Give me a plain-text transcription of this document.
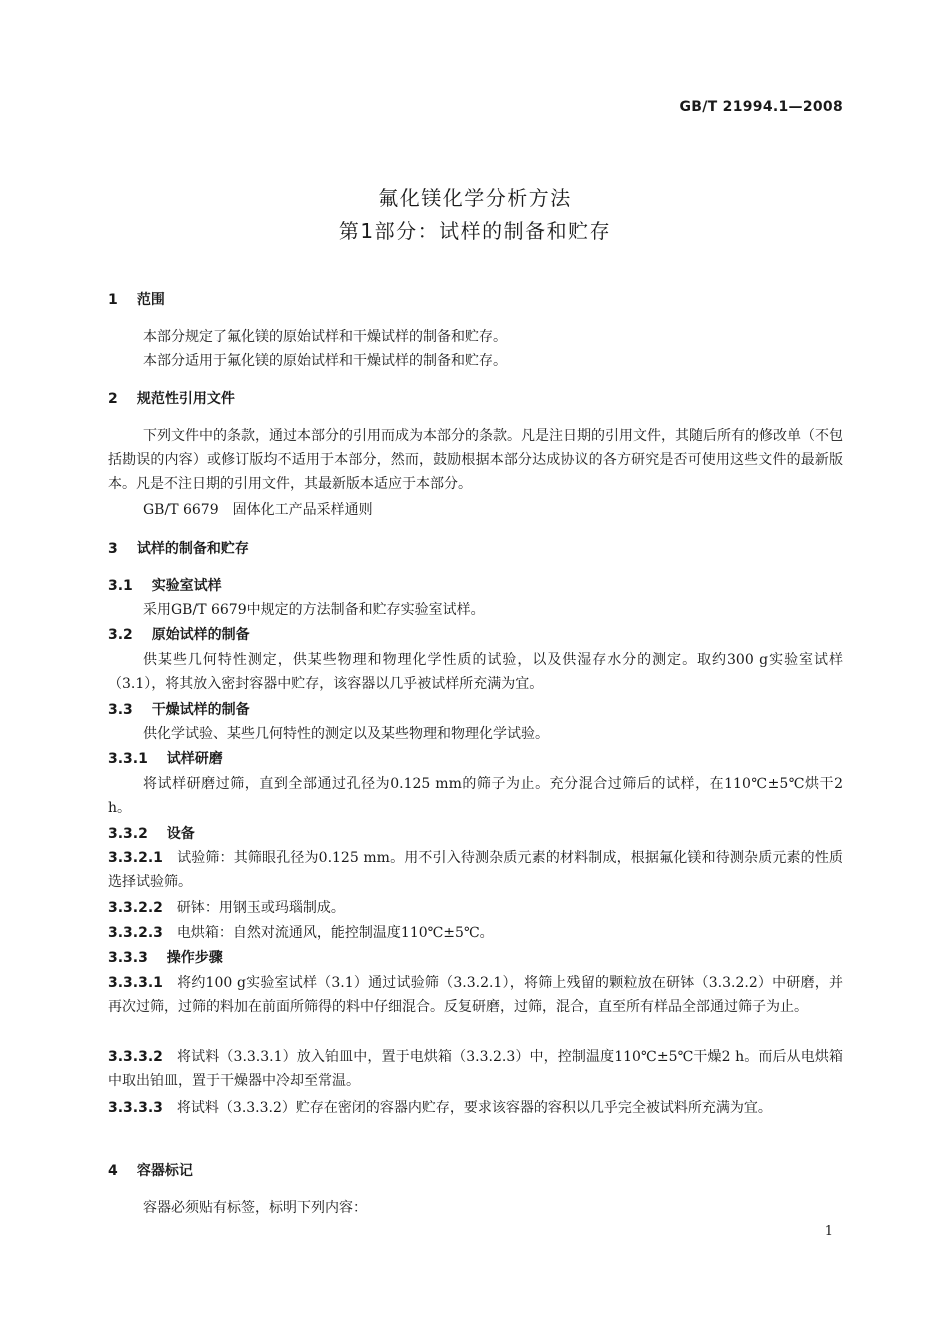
GB/T 21994.1—2008
氟化镁化学分析方法
第1部分：试样的制备和贮存
1 范围
本部分规定了氟化镁的原始试样和干燥试样的制备和贮存。
本部分适用于氟化镁的原始试样和干燥试样的制备和贮存。
2 规范性引用文件
下列文件中的条款，通过本部分的引用而成为本部分的条款。凡是注日期的引用文件，其随后所有的修改单（不包括勘误的内容）或修订版均不适用于本部分，然而，鼓励根据本部分达成协议的各方研究是否可使用这些文件的最新版本。凡是不注日期的引用文件，其最新版本适应于本部分。
GB/T 6679　固体化工产品采样通则
3 试样的制备和贮存
3.1 实验室试样
采用GB/T 6679中规定的方法制备和贮存实验室试样。
3.2 原始试样的制备
供某些几何特性测定，供某些物理和物理化学性质的试验，以及供湿存水分的测定。取约300 g实验室试样（3.1），将其放入密封容器中贮存，该容器以几乎被试样所充满为宜。
3.3 干燥试样的制备
供化学试验、某些几何特性的测定以及某些物理和物理化学试验。
3.3.1 试样研磨
将试样研磨过筛，直到全部通过孔径为0.125 mm的筛子为止。充分混合过筛后的试样，在110℃±5℃烘干2 h。
3.3.2 设备
3.3.2.1 试验筛：其筛眼孔径为0.125 mm。用不引入待测杂质元素的材料制成，根据氟化镁和待测杂质元素的性质选择试验筛。
3.3.2.2 研钵：用钢玉或玛瑙制成。
3.3.2.3 电烘箱：自然对流通风，能控制温度110℃±5℃。
3.3.3 操作步骤
3.3.3.1 将约100 g实验室试样（3.1）通过试验筛（3.3.2.1），将筛上残留的颗粒放在研钵（3.3.2.2）中研磨，并再次过筛，过筛的料加在前面所筛得的料中仔细混合。反复研磨，过筛，混合，直至所有样品全部通过筛子为止。
3.3.3.2 将试料（3.3.3.1）放入铂皿中，置于电烘箱（3.3.2.3）中，控制温度110℃±5℃干燥2 h。而后从电烘箱中取出铂皿，置于干燥器中冷却至常温。
3.3.3.3 将试料（3.3.3.2）贮存在密闭的容器内贮存，要求该容器的容积以几乎完全被试料所充满为宜。
4 容器标记
容器必须贴有标签，标明下列内容：
1
